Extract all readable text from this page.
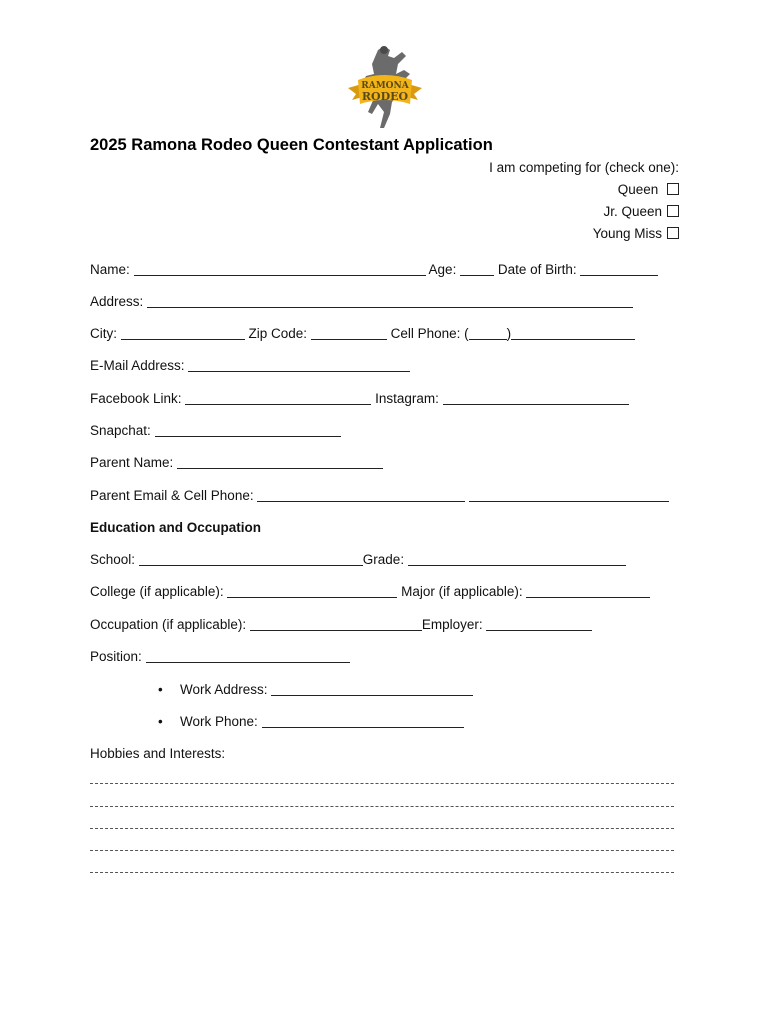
RAMONA
RODEO
2025 Ramona Rodeo Queen Contestant Application
I am competing for (check one):
Queen
Jr. Queen
Young Miss
Name:	Age:	Date of Birth:
Address:
City:	Zip Code:	Cell Phone: (	)
E-Mail Address:
Facebook Link:	Instagram:
Snapchat:
Parent Name:
Parent Email & Cell Phone:
Education and Occupation
School:	Grade:
College (if applicable):	Major (if applicable):
Occupation (if applicable):	Employer:
Position:
• Work Address:
• Work Phone:
Hobbies and Interests:
